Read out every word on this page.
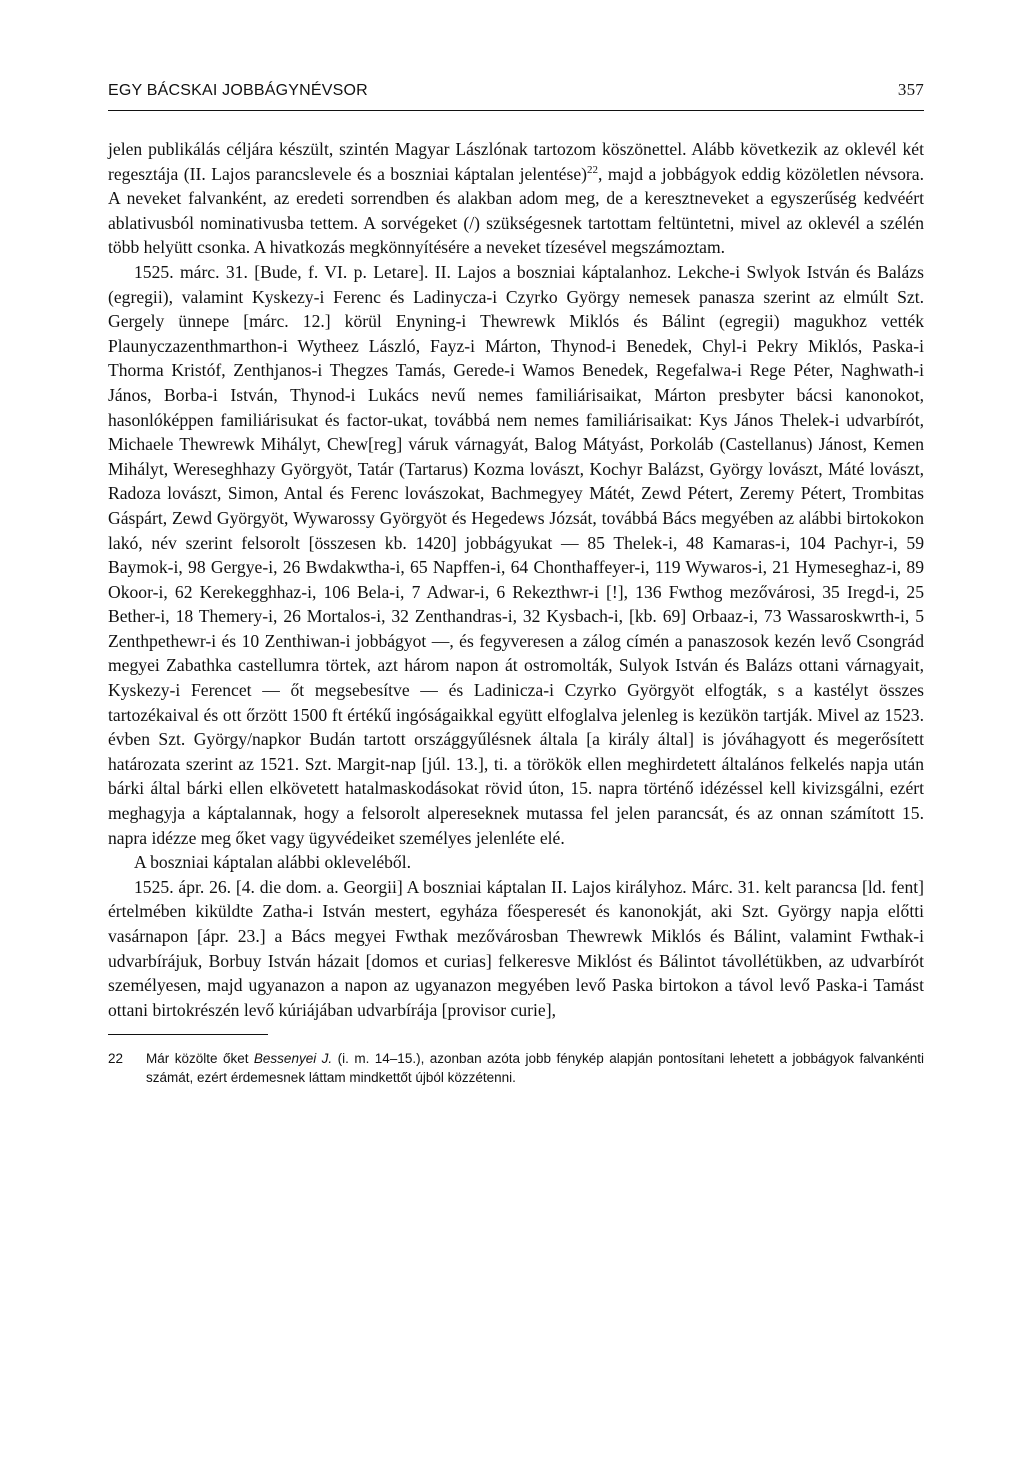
EGY BÁCSKAI JOBBÁGYNÉVSOR	357

jelen publikálás céljára készült, szintén Magyar Lászlónak tartozom köszönettel. Alább következik az oklevél két regesztája (II. Lajos parancslevele és a boszniai káptalan jelentése)$^{22}$, majd a jobbágyok eddig közöletlen névsora. A neveket falvanként, az eredeti sorrendben és alakban adom meg, de a keresztneveket a egyszerűség kedvéért ablativusból nominativusba tettem. A sorvégeket (/) szükségesnek tartottam feltüntetni, mivel az oklevél a szélén több helyütt csonka. A hivatkozás megkönnyítésére a neveket tízesével megszámoztam.

1525. márc. 31. [Bude, f. VI. p. Letare]. II. Lajos a boszniai káptalanhoz. Lekche-i Swlyok István és Balázs (egregii), valamint Kyskezy-i Ferenc és Ladinycza-i Czyrko György nemesek panasza szerint az elmúlt Szt. Gergely ünnepe [márc. 12.] körül Enyning-i Thewrewk Miklós és Bálint (egregii) magukhoz vették Plaunyczazenthmarthon-i Wytheez László, Fayz-i Márton, Thynod-i Benedek, Chyl-i Pekry Miklós, Paska-i Thorma Kristóf, Zenthjanos-i Thegzes Tamás, Gerede-i Wamos Benedek, Regefalwa-i Rege Péter, Naghwath-i János, Borba-i István, Thynod-i Lukács nevű nemes familiárisaikat, Márton presbyter bácsi kanonokot, hasonlóképpen familiárisukat és factor-ukat, továbbá nem nemes familiárisaikat: Kys János Thelek-i udvarbírót, Michaele Thewrewk Mihályt, Chew[reg] váruk várnagyát, Balog Mátyást, Porkoláb (Castellanus) Jánost, Kemen Mihályt, Wereseghhazy Györgyöt, Tatár (Tartarus) Kozma lovászt, Kochyr Balázst, György lovászt, Máté lovászt, Radoza lovászt, Simon, Antal és Ferenc lovászokat, Bachmegyey Mátét, Zewd Pétert, Zeremy Pétert, Trombitas Gáspárt, Zewd Györgyöt, Wywarossy Györgyöt és Hegedews Józsát, továbbá Bács megyében az alábbi birtokokon lakó, név szerint felsorolt [összesen kb. 1420] jobbágyukat — 85 Thelek-i, 48 Kamaras-i, 104 Pachyr-i, 59 Baymok-i, 98 Gergye-i, 26 Bwdakwtha-i, 65 Napffen-i, 64 Chonthaffeyer-i, 119 Wywaros-i, 21 Hymeseghaz-i, 89 Okoor-i, 62 Kerekegghhaz-i, 106 Bela-i, 7 Adwar-i, 6 Rekezthwr-i [!], 136 Fwthog mezővárosi, 35 Iregd-i, 25 Bether-i, 18 Themery-i, 26 Mortalos-i, 32 Zenthandras-i, 32 Kysbach-i, [kb. 69] Orbaaz-i, 73 Wassaroskwrth-i, 5 Zenthpethewr-i és 10 Zenthiwan-i jobbágyot —, és fegyveresen a zálog címén a panaszosok kezén levő Csongrád megyei Zabathka castellumra törtek, azt három napon át ostromolták, Sulyok István és Balázs ottani várnagyait, Kyskezy-i Ferencet — őt megsebesítve — és Ladinicza-i Czyrko Györgyöt elfogták, s a kastélyt összes tartozékaival és ott őrzött 1500 ft értékű ingóságaikkal együtt elfoglalva jelenleg is kezükön tartják. Mivel az 1523. évben Szt. György/napkor Budán tartott országgyűlésnek általa [a király által] is jóváhagyott és megerősített határozata szerint az 1521. Szt. Margit-nap [júl. 13.], ti. a törökök ellen meghirdetett általános felkelés napja után bárki által bárki ellen elkövetett hatalmaskodásokat rövid úton, 15. napra történő idézéssel kell kivizsgálni, ezért meghagyja a káptalannak, hogy a felsorolt alpereseknek mutassa fel jelen parancsát, és az onnan számított 15. napra idézze meg őket vagy ügyvédeiket személyes jelenléte elé.

A boszniai káptalan alábbi okleveléből.

1525. ápr. 26. [4. die dom. a. Georgii] A boszniai káptalan II. Lajos királyhoz. Márc. 31. kelt parancsa [ld. fent] értelmében kiküldte Zatha-i István mestert, egyháza főesperesét és kanonokját, aki Szt. György napja előtti vasárnapon [ápr. 23.] a Bács megyei Fwthak mezővárosban Thewrewk Miklós és Bálint, valamint Fwthak-i udvarbírájuk, Borbuy István házait [domos et curias] felkeresve Miklóst és Bálintot távollétükben, az udvarbírót személyesen, majd ugyanazon a napon az ugyanazon megyében levő Paska birtokon a távol levő Paska-i Tamást ottani birtokrészén levő kúriájában udvarbírája [provisor curie],

22	Már közölte őket Bessenyei J. (i. m. 14–15.), azonban azóta jobb fénykép alapján pontosítani lehetett a jobbágyok falvankénti számát, ezért érdemesnek láttam mindkettőt újból közzétenni.
